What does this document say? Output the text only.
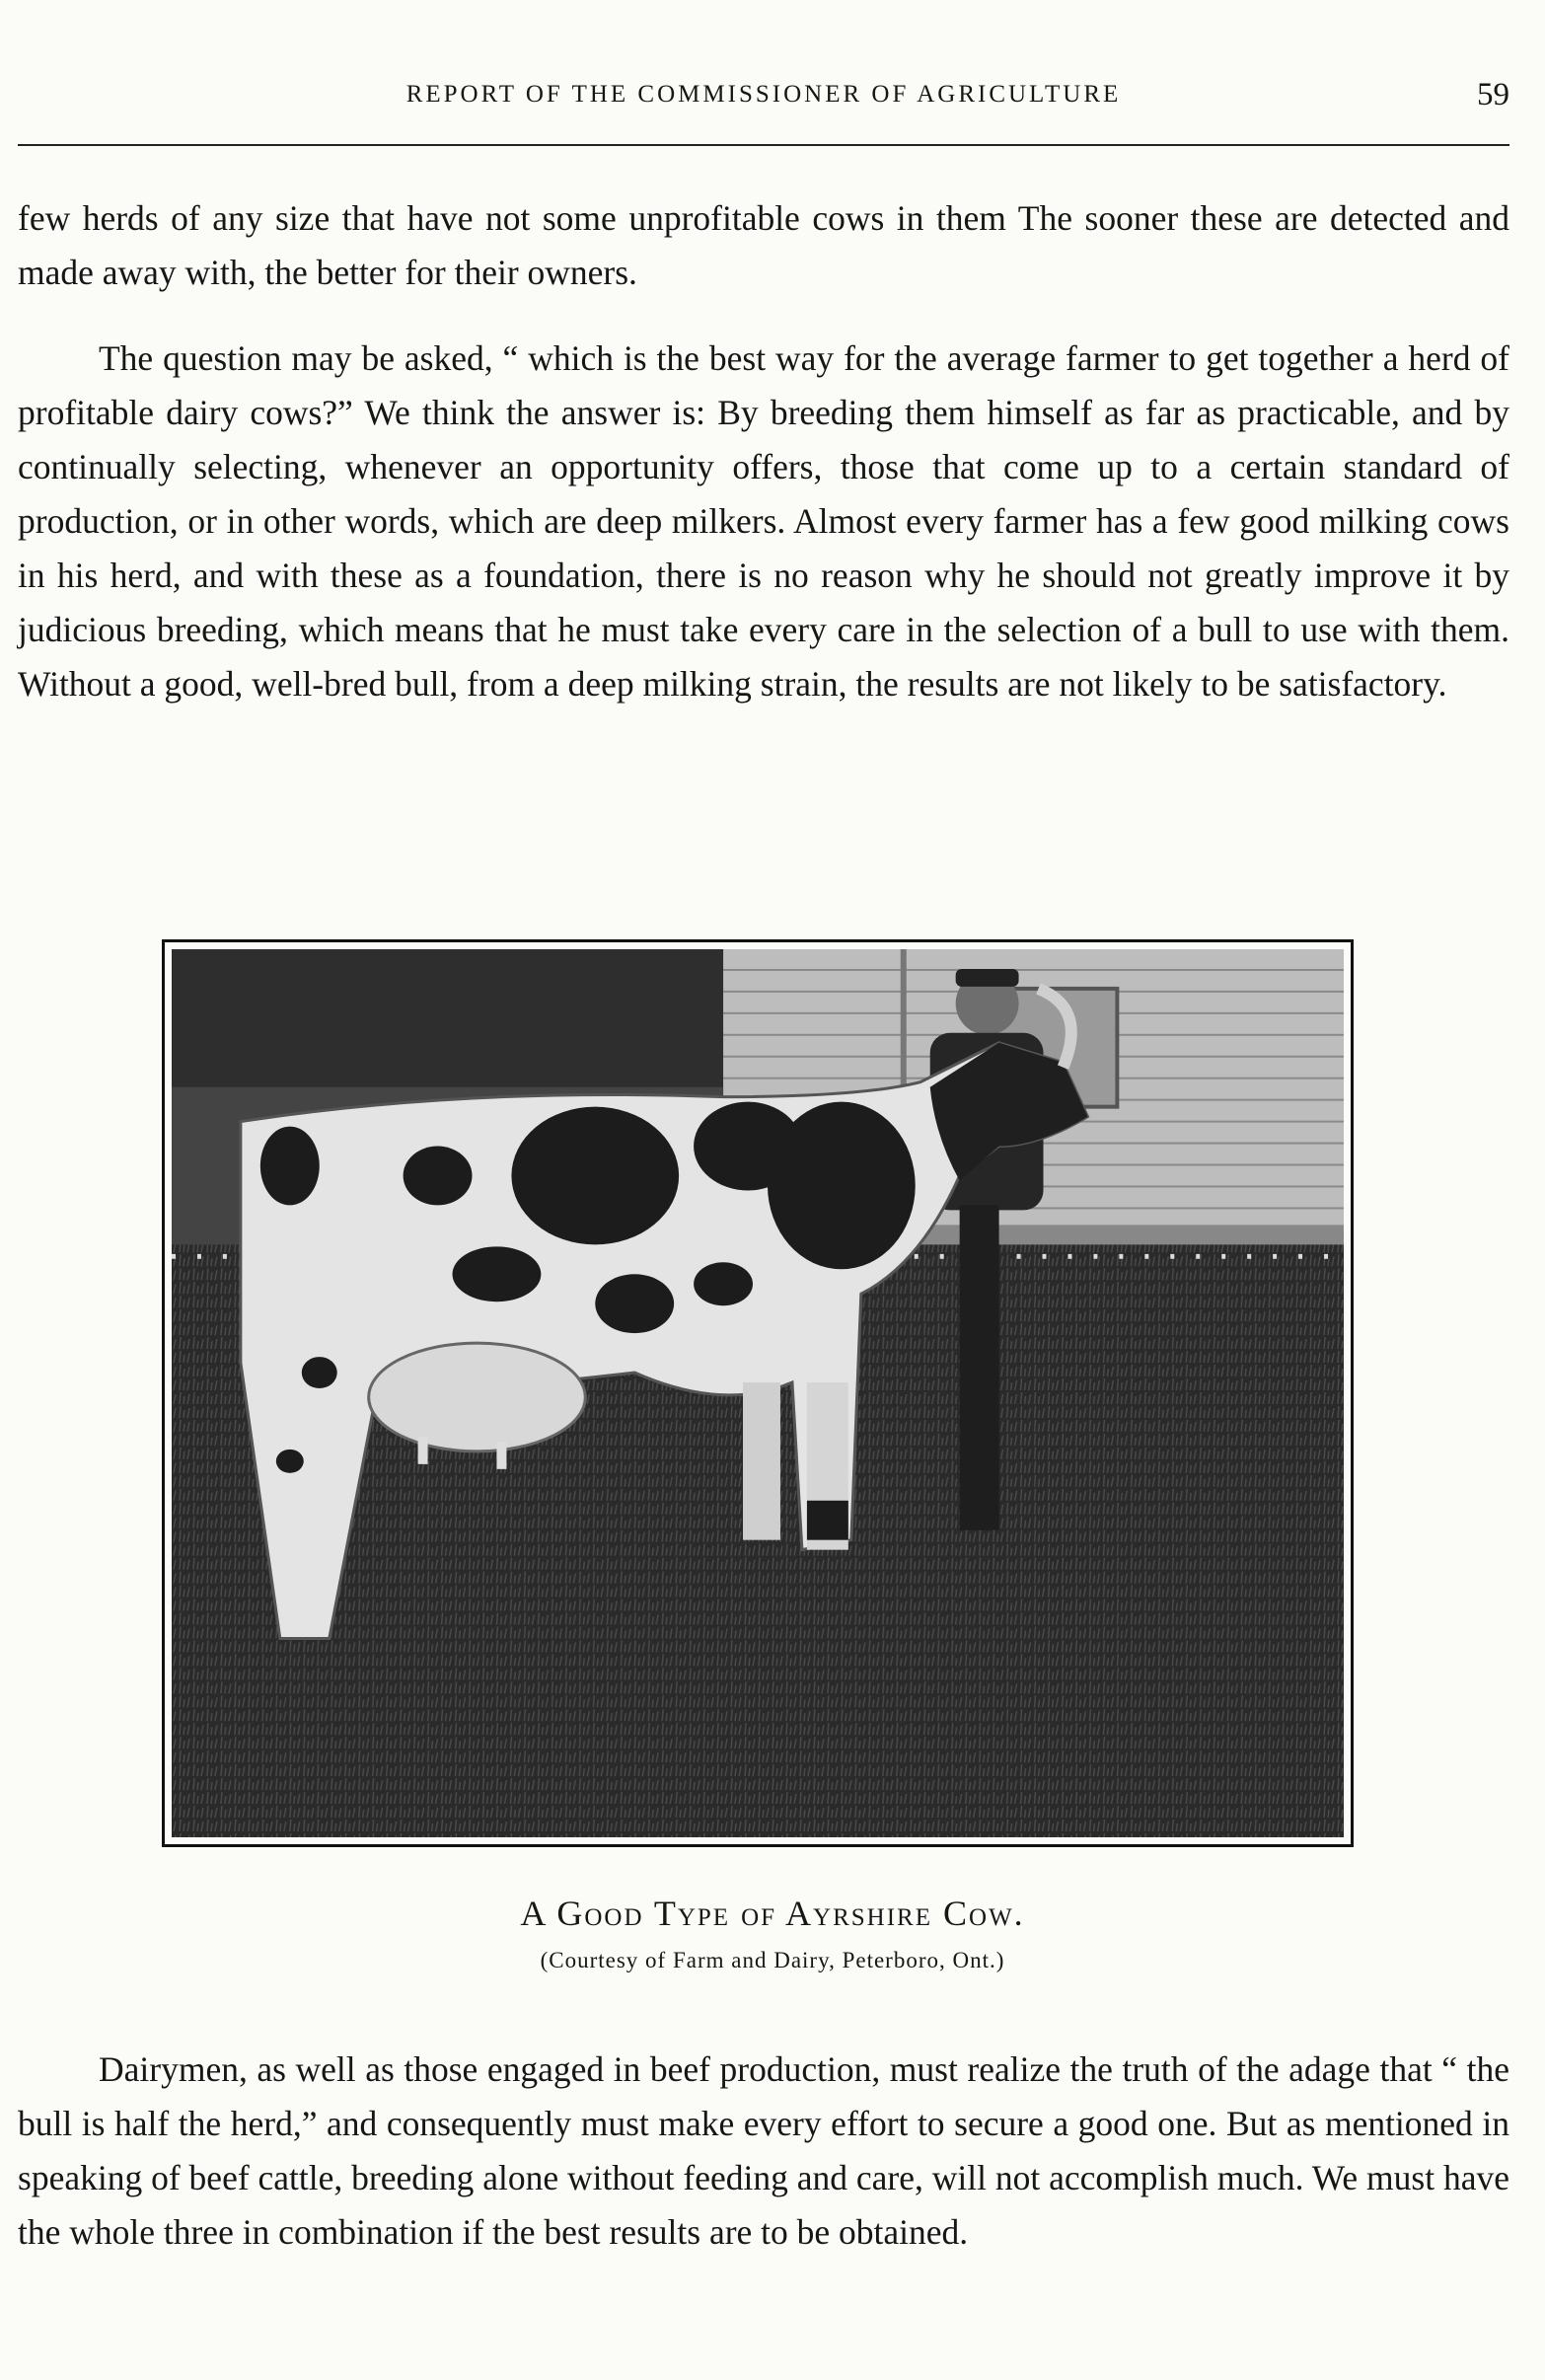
REPORT OF THE COMMISSIONER OF AGRICULTURE	59

few herds of any size that have not some unprofitable cows in them The sooner these are detected and made away with, the better for their owners.

The question may be asked, “ which is the best way for the average farmer to get together a herd of profitable dairy cows?” We think the answer is: By breeding them himself as far as practicable, and by continually selecting, whenever an opportunity offers, those that come up to a certain standard of production, or in other words, which are deep milkers. Almost every farmer has a few good milking cows in his herd, and with these as a foundation, there is no reason why he should not greatly improve it by judicious breeding, which means that he must take every care in the selection of a bull to use with them. Without a good, well-bred bull, from a deep milking strain, the results are not likely to be satisfactory.

A Good Type of Ayrshire Cow.
(Courtesy of Farm and Dairy, Peterboro, Ont.)

Dairymen, as well as those engaged in beef production, must realize the truth of the adage that “ the bull is half the herd,” and consequently must make every effort to secure a good one. But as mentioned in speaking of beef cattle, breeding alone without feeding and care, will not accomplish much. We must have the whole three in combination if the best results are to be obtained.
